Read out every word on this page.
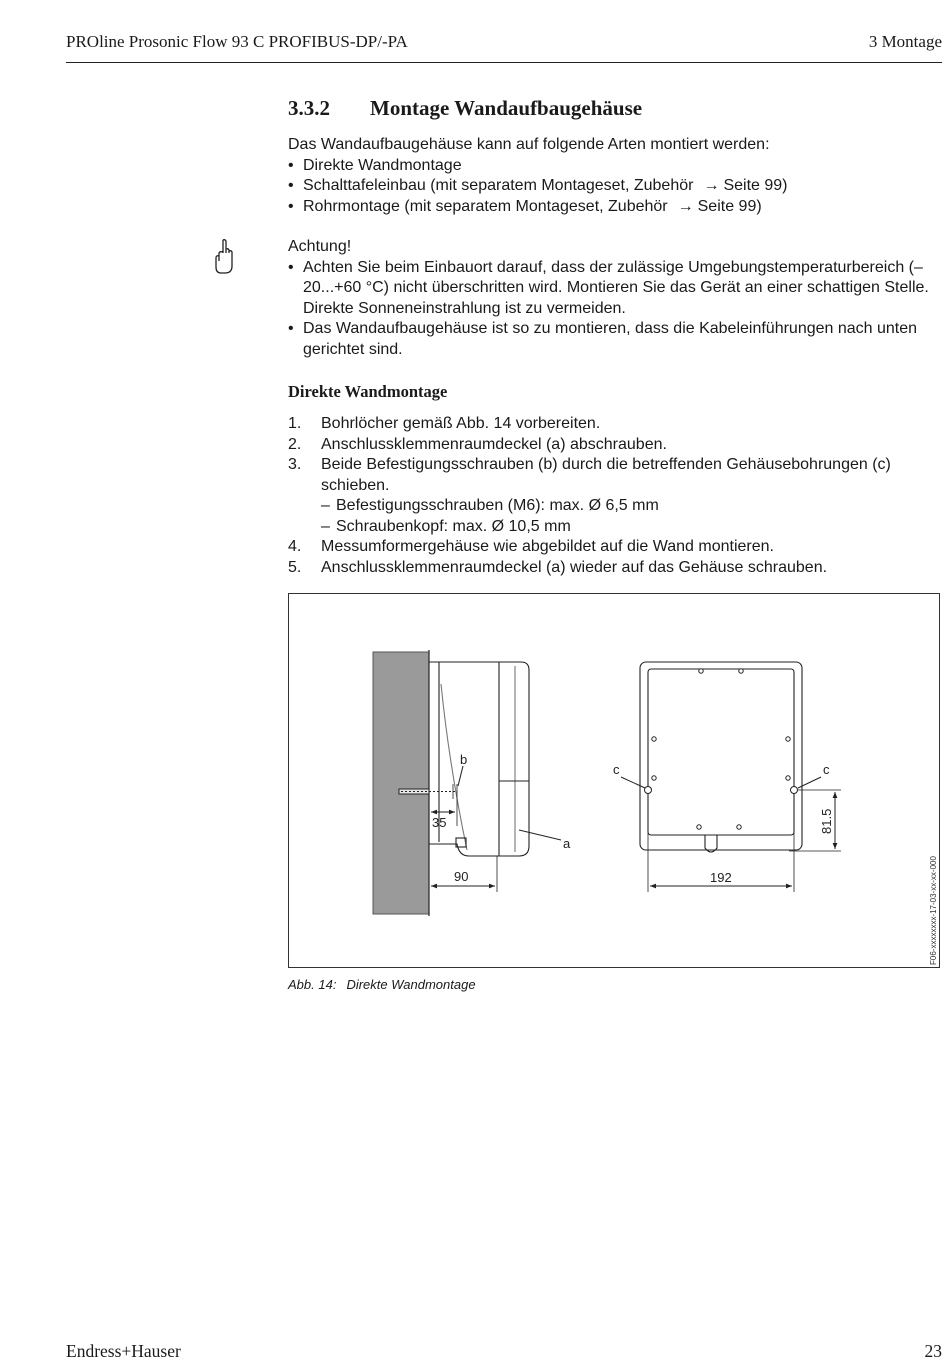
PROline Prosonic Flow 93 C PROFIBUS-DP/-PA	3 Montage
3.3.2	Montage Wandaufbaugehäuse

Das Wandaufbaugehäuse kann auf folgende Arten montiert werden:

• Direkte Wandmontage
• Schalttafeleinbau (mit separatem Montageset, Zubehör → Seite 99)
• Rohrmontage (mit separatem Montageset, Zubehör → Seite 99)

Achtung!

• Achten Sie beim Einbauort darauf, dass der zulässige Umgebungstemperaturbereich (–20...+60 °C) nicht überschritten wird. Montieren Sie das Gerät an einer schattigen Stelle. Direkte Sonneneinstrahlung ist zu vermeiden.
• Das Wandaufbaugehäuse ist so zu montieren, dass die Kabeleinführungen nach unten gerichtet sind.
Direkte Wandmontage
1. Bohrlöcher gemäß Abb. 14 vorbereiten.
2. Anschlussklemmenraumdeckel (a) abschrauben.
3. Beide Befestigungsschrauben (b) durch die betreffenden Gehäusebohrungen (c) schieben.
– Befestigungsschrauben (M6): max. Ø 6,5 mm
– Schraubenkopf: max. Ø 10,5 mm
4. Messumformergehäuse wie abgebildet auf die Wand montieren.
5. Anschlussklemmenraumdeckel (a) wieder auf das Gehäuse schrauben.
b
a
35
90
c	c
192
81.5
F06-xxxxxxxx-17-03-xx-xx-000
Abb. 14: Direkte Wandmontage
Endress+Hauser	23
